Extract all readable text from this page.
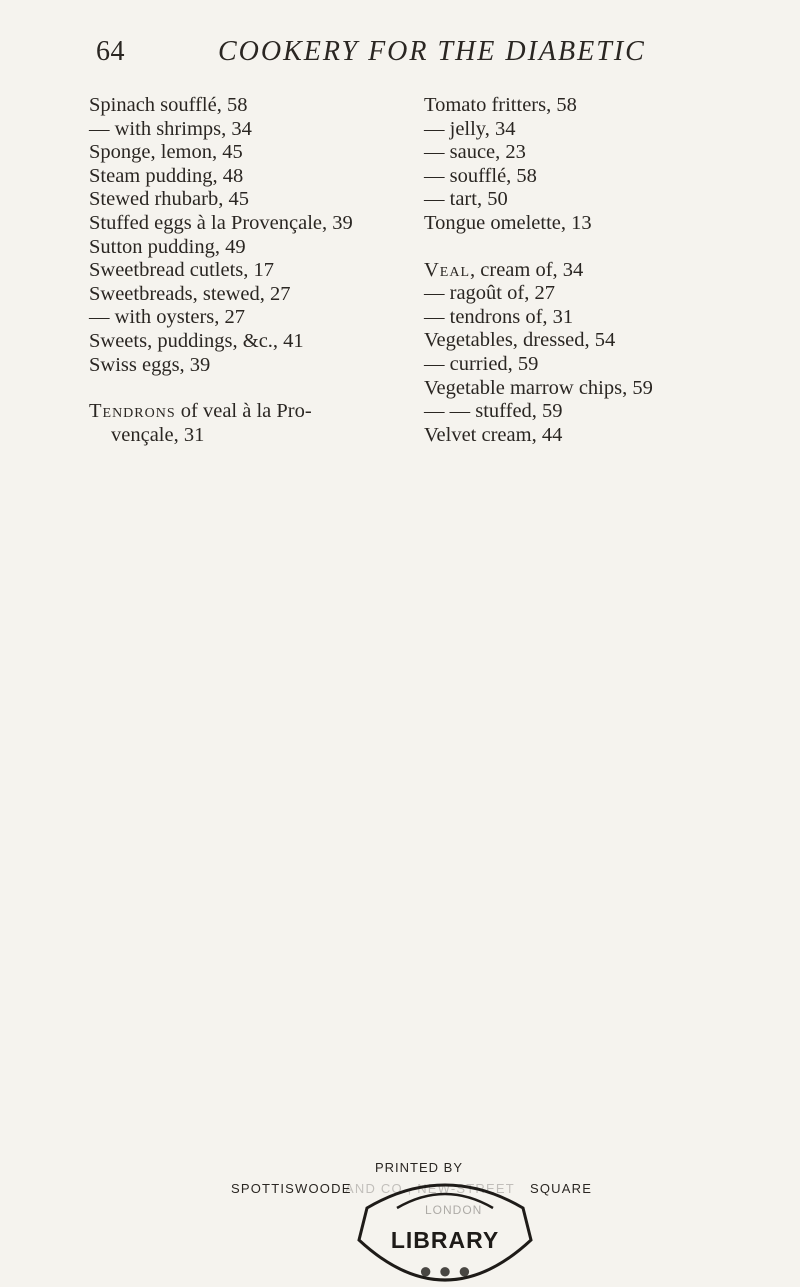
64	COOKERY FOR THE DIABETIC
Spinach soufflé, 58
— with shrimps, 34
Sponge, lemon, 45
Steam pudding, 48
Stewed rhubarb, 45
Stuffed eggs à la Provençale, 39
Sutton pudding, 49
Sweetbread cutlets, 17
Sweetbreads, stewed, 27
— with oysters, 27
Sweets, puddings, &c., 41
Swiss eggs, 39
Tendrons of veal à la Pro-
vençale, 31
Tomato fritters, 58
— jelly, 34
— sauce, 23
— soufflé, 58
— tart, 50
Tongue omelette, 13
Veal, cream of, 34
— ragoût of, 27
— tendrons of, 31
Vegetables, dressed, 54
— curried, 59
Vegetable marrow chips, 59
— — stuffed, 59
Velvet cream, 44
PRINTED BY
SPOTTISWOODE
AND CO., NEW-STREET SQUARE
LONDON
LIBRARY
● ● ●
